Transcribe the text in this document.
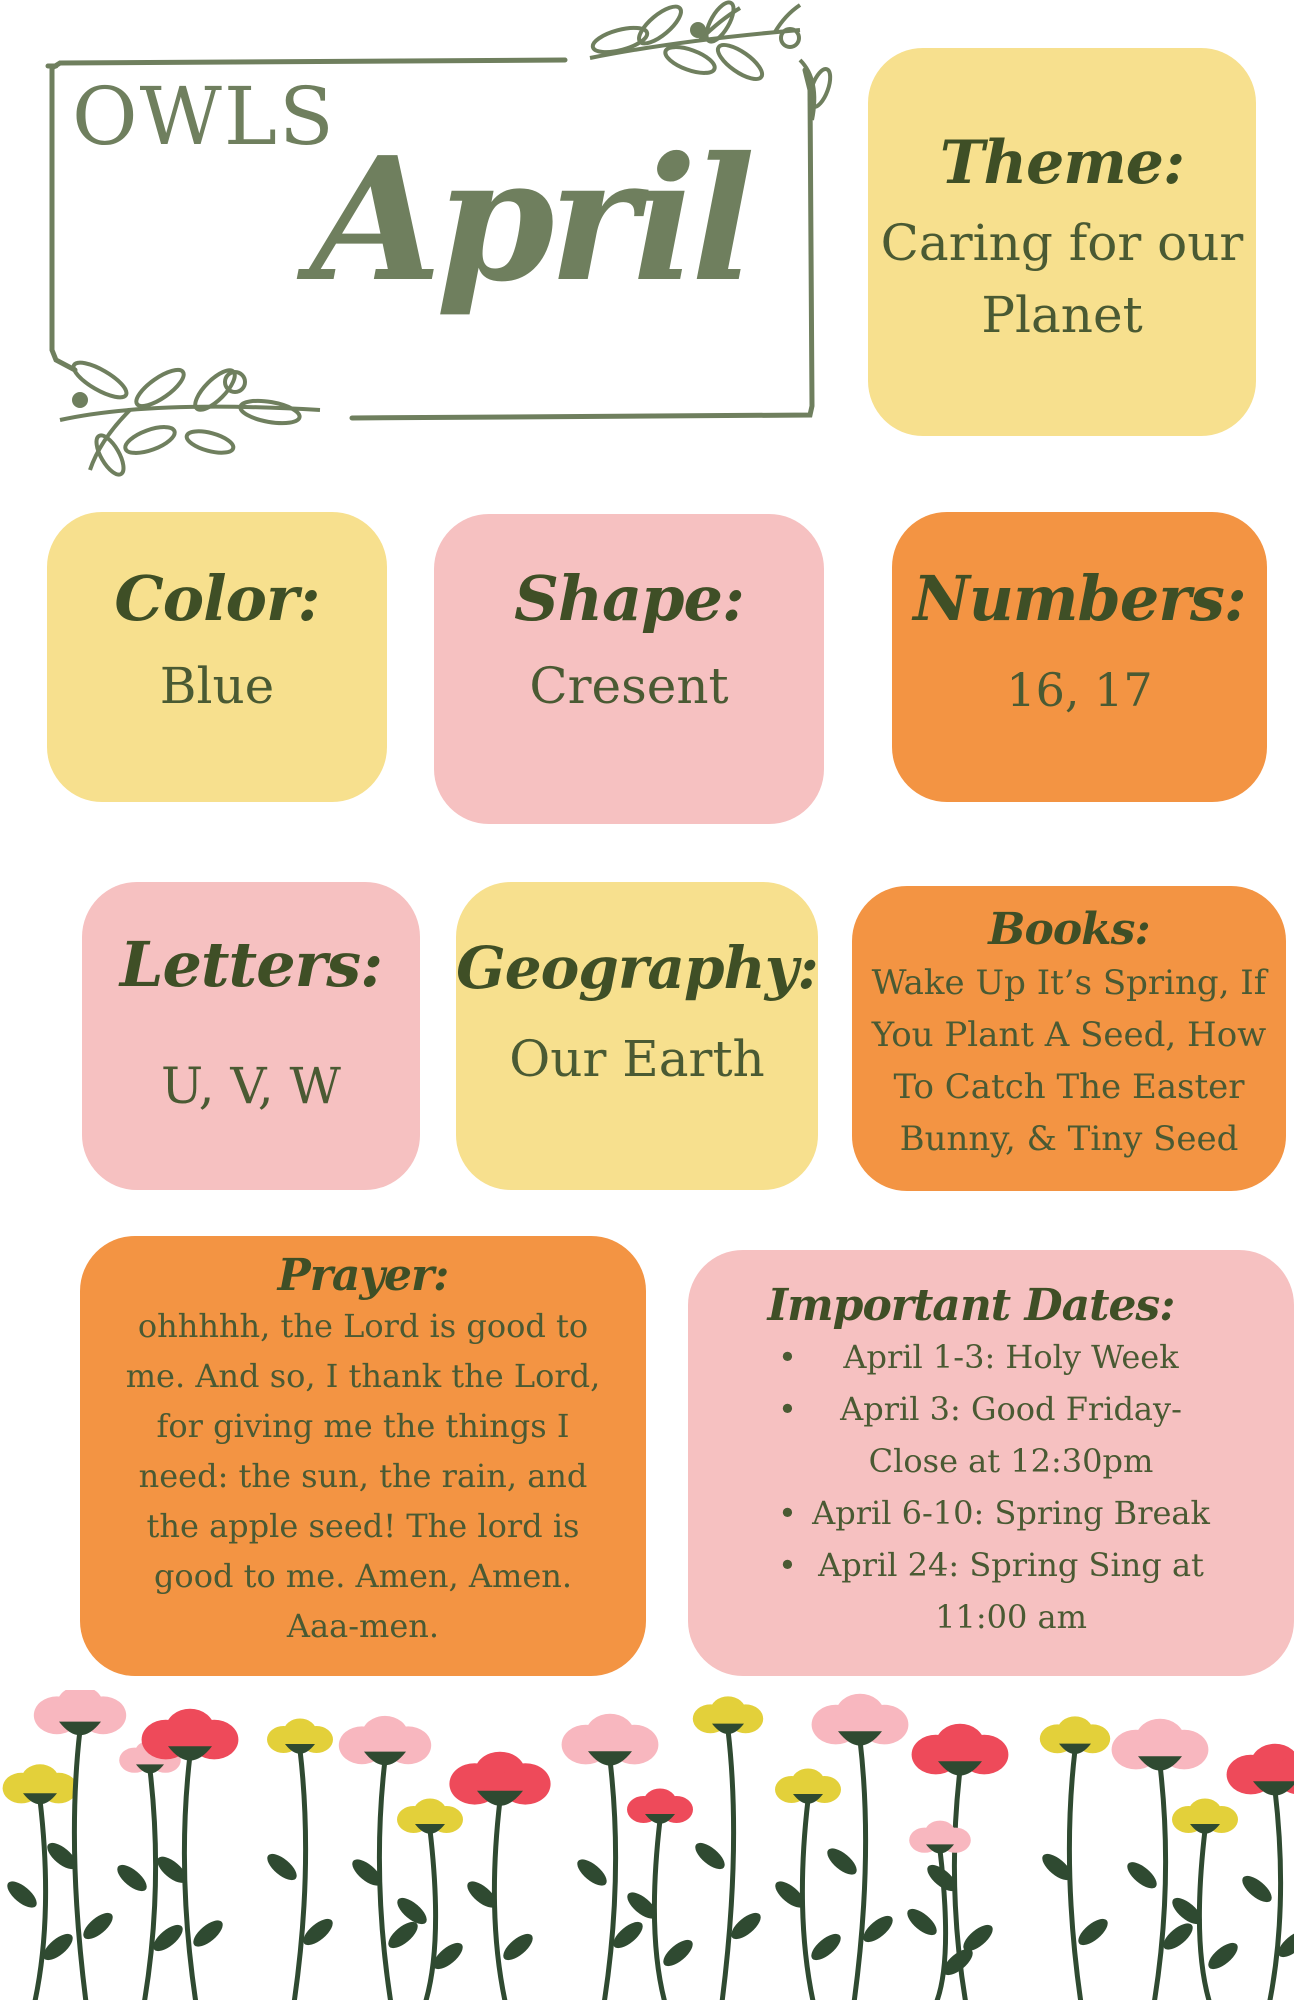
OWLS
April	Theme:
Caring for our
Planet
Color:
Blue
Shape:
Cresent
Numbers:
16, 17
Letters:
U, V, W
Geography:
Our Earth
Books:
Wake Up It’s Spring, If
You Plant A Seed, How
To Catch The Easter
Bunny, & Tiny Seed
Prayer:
ohhhhh, the Lord is good to
me. And so, I thank the Lord,
for giving me the things I
need: the sun, the rain, and
the apple seed! The lord is
good to me. Amen, Amen.
Aaa-men.
Important Dates:
•	April 1-3: Holy Week
•	April 3: Good Friday-
Close at 12:30pm
• April 6-10: Spring Break
• April 24: Spring Sing at
11:00 am
